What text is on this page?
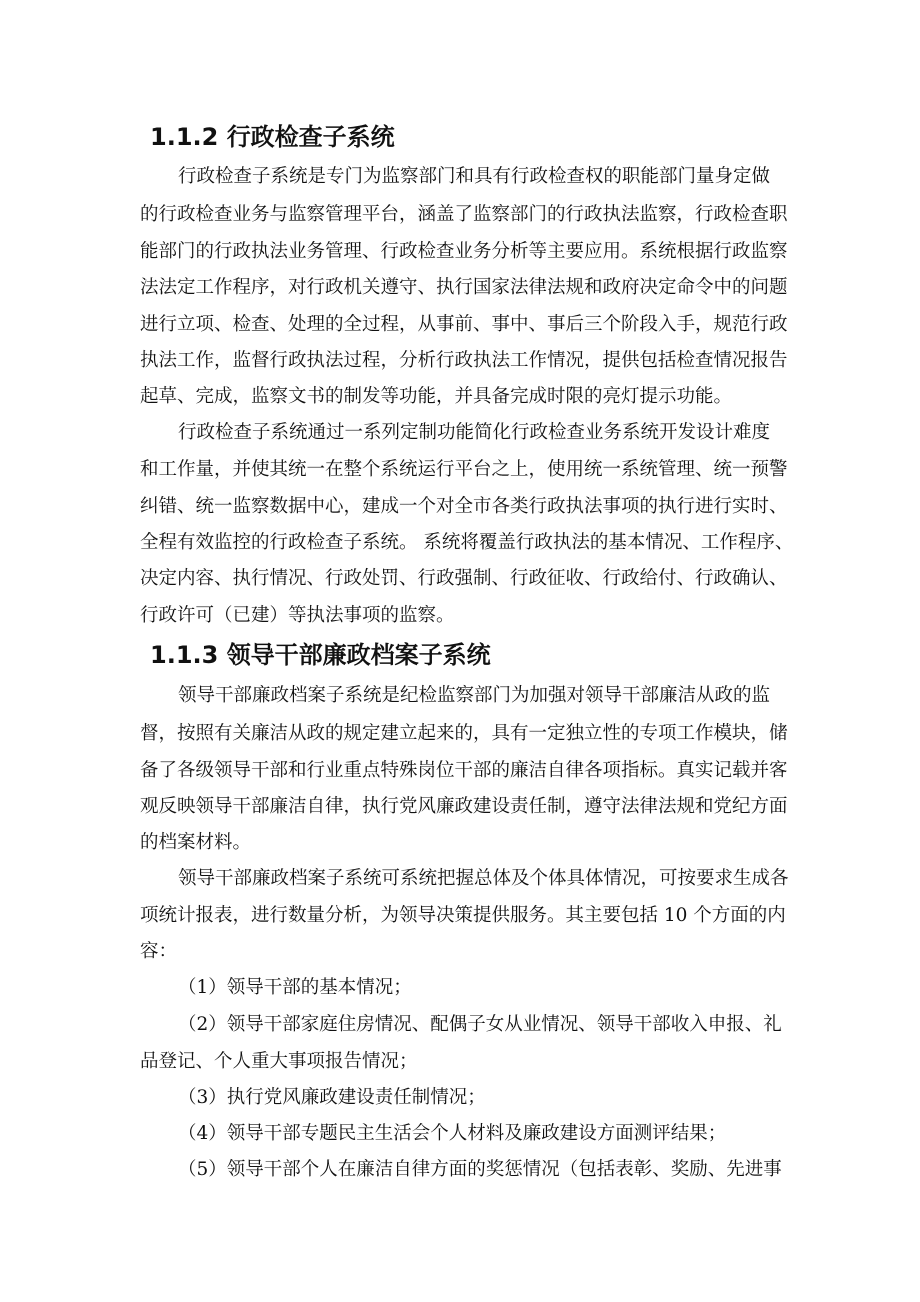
1.1.2 行政检查子系统
行政检查子系统是专门为监察部门和具有行政检查权的职能部门量身定做
的行政检查业务与监察管理平台，涵盖了监察部门的行政执法监察，行政检查职
能部门的行政执法业务管理、行政检查业务分析等主要应用。系统根据行政监察
法法定工作程序，对行政机关遵守、执行国家法律法规和政府决定命令中的问题
进行立项、检查、处理的全过程，从事前、事中、事后三个阶段入手，规范行政
执法工作，监督行政执法过程，分析行政执法工作情况，提供包括检查情况报告
起草、完成，监察文书的制发等功能，并具备完成时限的亮灯提示功能。
行政检查子系统通过一系列定制功能简化行政检查业务系统开发设计难度
和工作量，并使其统一在整个系统运行平台之上，使用统一系统管理、统一预警
纠错、统一监察数据中心，建成一个对全市各类行政执法事项的执行进行实时、
全程有效监控的行政检查子系统。 系统将覆盖行政执法的基本情况、工作程序、
决定内容、执行情况、行政处罚、行政强制、行政征收、行政给付、行政确认、
行政许可（已建）等执法事项的监察。
1.1.3 领导干部廉政档案子系统
领导干部廉政档案子系统是纪检监察部门为加强对领导干部廉洁从政的监
督，按照有关廉洁从政的规定建立起来的，具有一定独立性的专项工作模块，储
备了各级领导干部和行业重点特殊岗位干部的廉洁自律各项指标。真实记载并客
观反映领导干部廉洁自律，执行党风廉政建设责任制，遵守法律法规和党纪方面
的档案材料。
领导干部廉政档案子系统可系统把握总体及个体具体情况，可按要求生成各
项统计报表，进行数量分析，为领导决策提供服务。其主要包括 10 个方面的内
容：
（1）领导干部的基本情况；
（2）领导干部家庭住房情况、配偶子女从业情况、领导干部收入申报、礼
品登记、个人重大事项报告情况；
（3）执行党风廉政建设责任制情况；
（4）领导干部专题民主生活会个人材料及廉政建设方面测评结果；
（5）领导干部个人在廉洁自律方面的奖惩情况（包括表彰、奖励、先进事
